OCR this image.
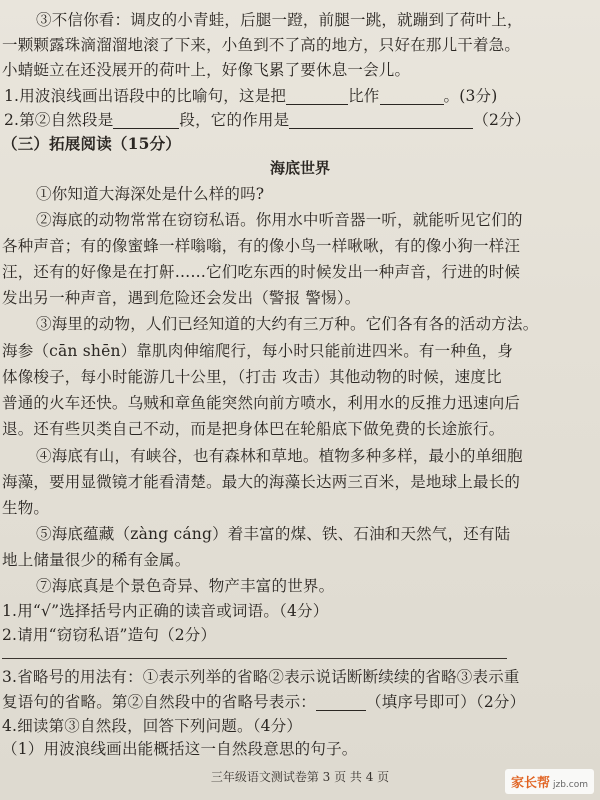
③不信你看：调皮的小青蛙，后腿一蹬，前腿一跳，就蹦到了荷叶上，
一颗颗露珠滴溜溜地滚了下来，小鱼到不了高的地方，只好在那儿干着急。
小蜻蜓立在还没展开的荷叶上，好像飞累了要休息一会儿。
1.用波浪线画出语段中的比喻句，这是把	比作	。(3分)
2.第②自然段是	段，它的作用是	（2分）
（三）拓展阅读（15分）
海底世界
①你知道大海深处是什么样的吗?
②海底的动物常常在窃窃私语。你用水中听音器一听，就能听见它们的
各种声音；有的像蜜蜂一样嗡嗡，有的像小鸟一样啾啾，有的像小狗一样汪
汪，还有的好像是在打鼾……它们吃东西的时候发出一种声音，行进的时候
发出另一种声音，遇到危险还会发出（警报 警惕）。
③海里的动物，人们已经知道的大约有三万种。它们各有各的活动方法。
海参（cān shēn）靠肌肉伸缩爬行，每小时只能前进四米。有一种鱼，身
体像梭子，每小时能游几十公里，（打击 攻击）其他动物的时候，速度比
普通的火车还快。乌贼和章鱼能突然向前方喷水，利用水的反推力迅速向后
退。还有些贝类自己不动，而是把身体巴在轮船底下做免费的长途旅行。
④海底有山，有峡谷，也有森林和草地。植物多种多样，最小的单细胞
海藻，要用显微镜才能看清楚。最大的海藻长达两三百米，是地球上最长的
生物。
⑤海底蕴藏（zàng cáng）着丰富的煤、铁、石油和天然气，还有陆
地上储量很少的稀有金属。
⑦海底真是个景色奇异、物产丰富的世界。
1.用“√”选择括号内正确的读音或词语。（4分）
2.请用“窃窃私语”造句（2分）
3.省略号的用法有：①表示列举的省略②表示说话断断续续的省略③表示重
复语句的省略。第②自然段中的省略号表示：	（填序号即可）（2分）
4.细读第③自然段，回答下列问题。（4分）
（1）用波浪线画出能概括这一自然段意思的句子。
三年级语文测试卷第 3 页 共 4 页	家长帮 jzb.com
